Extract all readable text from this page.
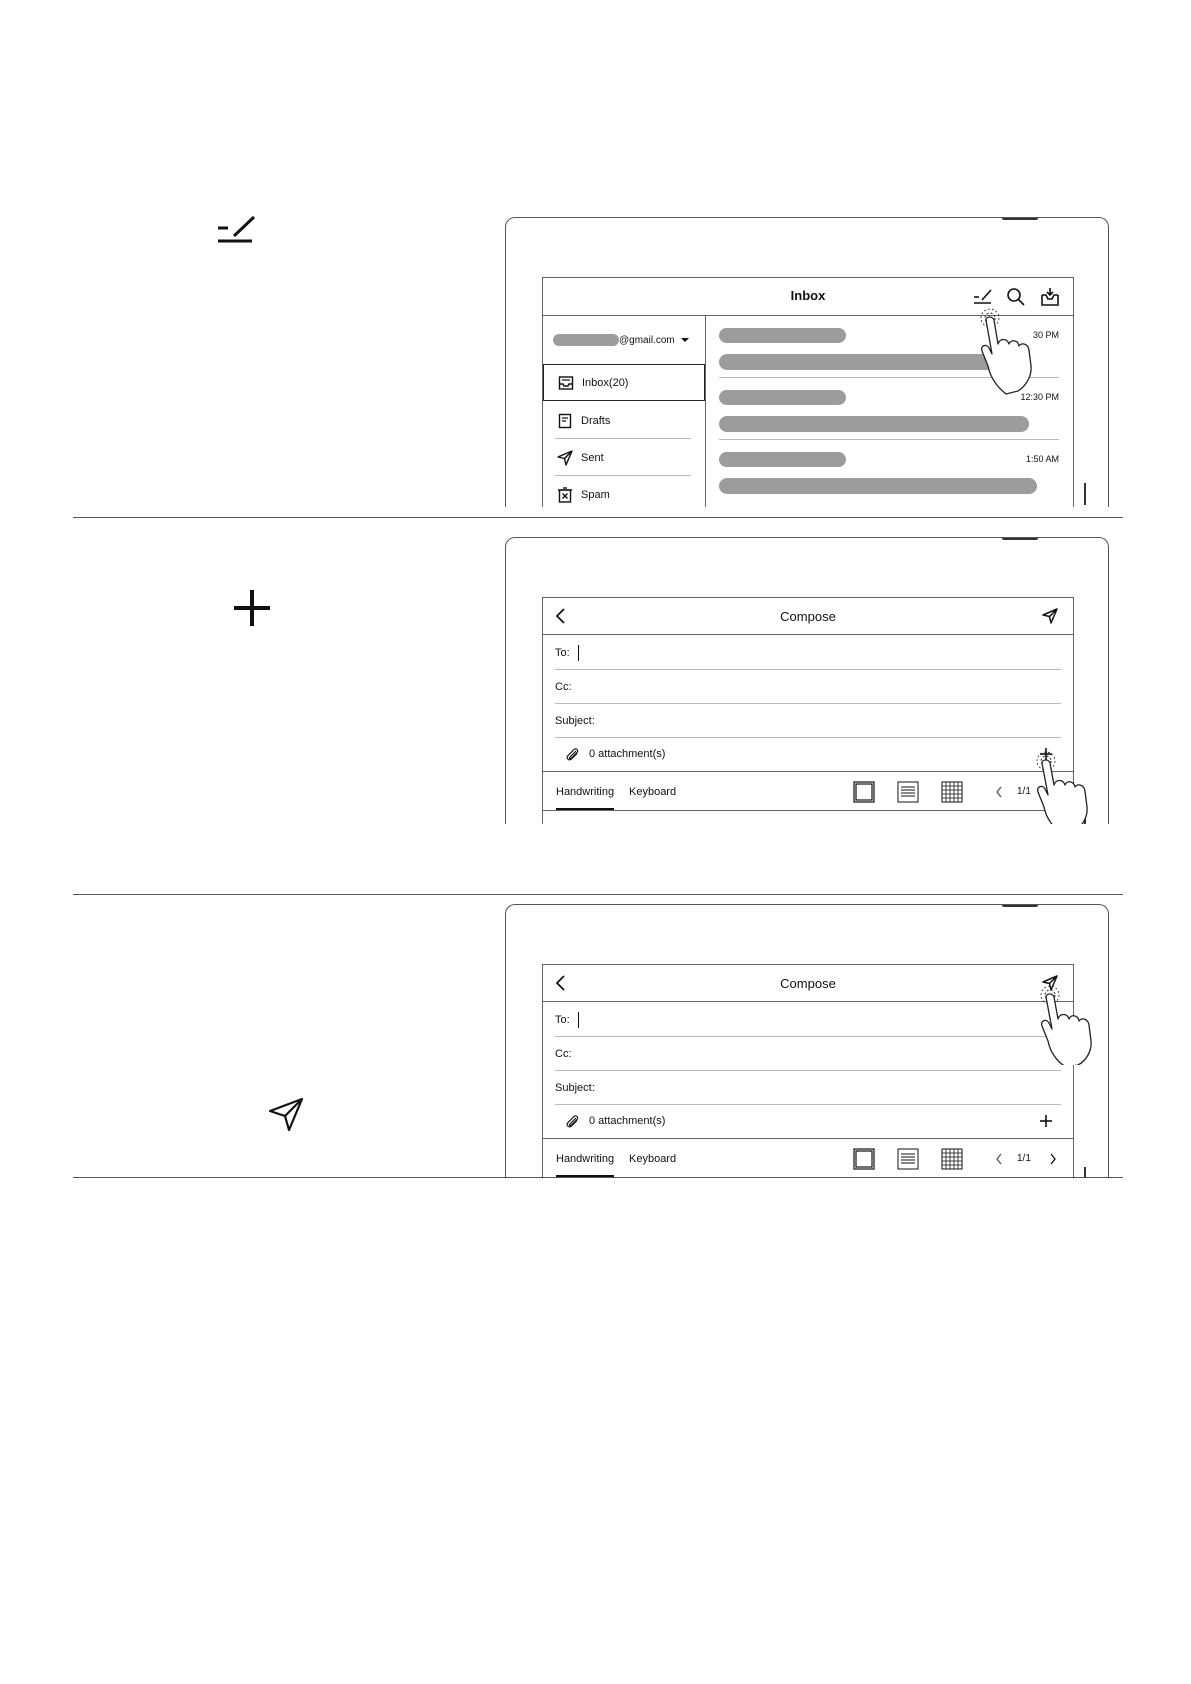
Inbox
@gmail.com
Inbox(20)
Drafts
Sent
Spam
30 PM
12:30 PM
1:50 AM
Compose
To:
Cc:
Subject:
0 attachment(s)
Handwriting Keyboard	1/1
Compose
To:
Cc:
Subject:
0 attachment(s)
Handwriting Keyboard	1/1
